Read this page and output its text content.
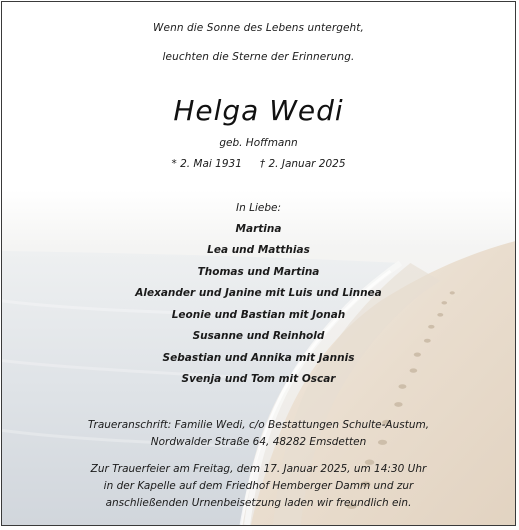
Wenn die Sonne des Lebens untergeht,
leuchten die Sterne der Erinnerung.
Helga Wedi
geb. Hoffmann
* 2. Mai 1931 † 2. Januar 2025
In Liebe:
Martina
Lea und Matthias
Thomas und Martina
Alexander und Janine mit Luis und Linnea
Leonie und Bastian mit Jonah
Susanne und Reinhold
Sebastian und Annika mit Jannis
Svenja und Tom mit Oscar
Traueranschrift: Familie Wedi, c/o Bestattungen Schulte-Austum,
Nordwalder Straße 64, 48282 Emsdetten
Zur Trauerfeier am Freitag, dem 17. Januar 2025, um 14:30 Uhr
in der Kapelle auf dem Friedhof Hemberger Damm und zur
anschließenden Urnenbeisetzung laden wir freundlich ein.
